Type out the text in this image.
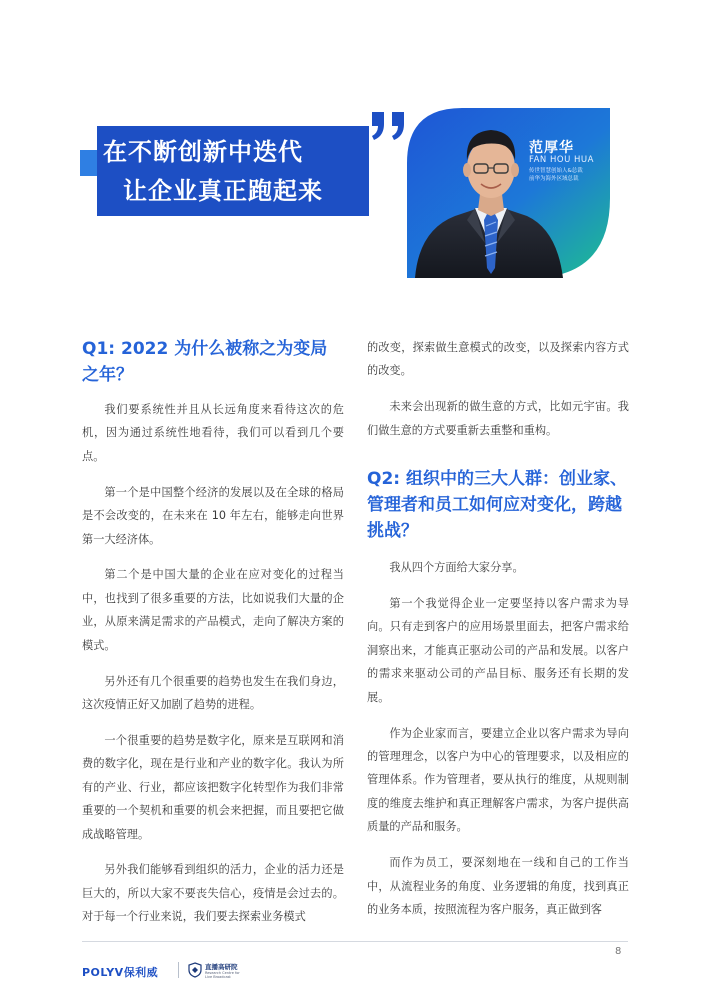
在不断创新中迭代
让企业真正跑起来
范厚华
FAN HOU HUA
传世智慧创始人&总裁
前华为海外区域总裁
Q1: 2022 为什么被称之为变局之年？

我们要系统性并且从长远角度来看待这次的危机，因为通过系统性地看待，我们可以看到几个要点。

第一个是中国整个经济的发展以及在全球的格局是不会改变的，在未来在 10 年左右，能够走向世界第一大经济体。

第二个是中国大量的企业在应对变化的过程当中，也找到了很多重要的方法，比如说我们大量的企业，从原来满足需求的产品模式，走向了解决方案的模式。

另外还有几个很重要的趋势也发生在我们身边，这次疫情正好又加剧了趋势的进程。

一个很重要的趋势是数字化，原来是互联网和消费的数字化，现在是行业和产业的数字化。我认为所有的产业、行业，都应该把数字化转型作为我们非常重要的一个契机和重要的机会来把握，而且要把它做成战略管理。

另外我们能够看到组织的活力，企业的活力还是巨大的，所以大家不要丧失信心，疫情是会过去的。对于每一个行业来说，我们要去探索业务模式

的改变，探索做生意模式的改变，以及探索内容方式的改变。

未来会出现新的做生意的方式，比如元宇宙。我们做生意的方式要重新去重整和重构。

Q2: 组织中的三大人群：创业家、管理者和员工如何应对变化，跨越挑战？

我从四个方面给大家分享。

第一个我觉得企业一定要坚持以客户需求为导向。只有走到客户的应用场景里面去，把客户需求给洞察出来，才能真正驱动公司的产品和发展。以客户的需求来驱动公司的产品目标、服务还有长期的发展。

作为企业家而言，要建立企业以客户需求为导向的管理理念，以客户为中心的管理要求，以及相应的管理体系。作为管理者，要从执行的维度，从规则制度的维度去维护和真正理解客户需求，为客户提供高质量的产品和服务。

而作为员工，要深刻地在一线和自己的工作当中，从流程业务的角度、业务逻辑的角度，找到真正的业务本质，按照流程为客户服务，真正做到客

8
POLYV保利威	直播高研院
Research Centre for
Live Broadcast
